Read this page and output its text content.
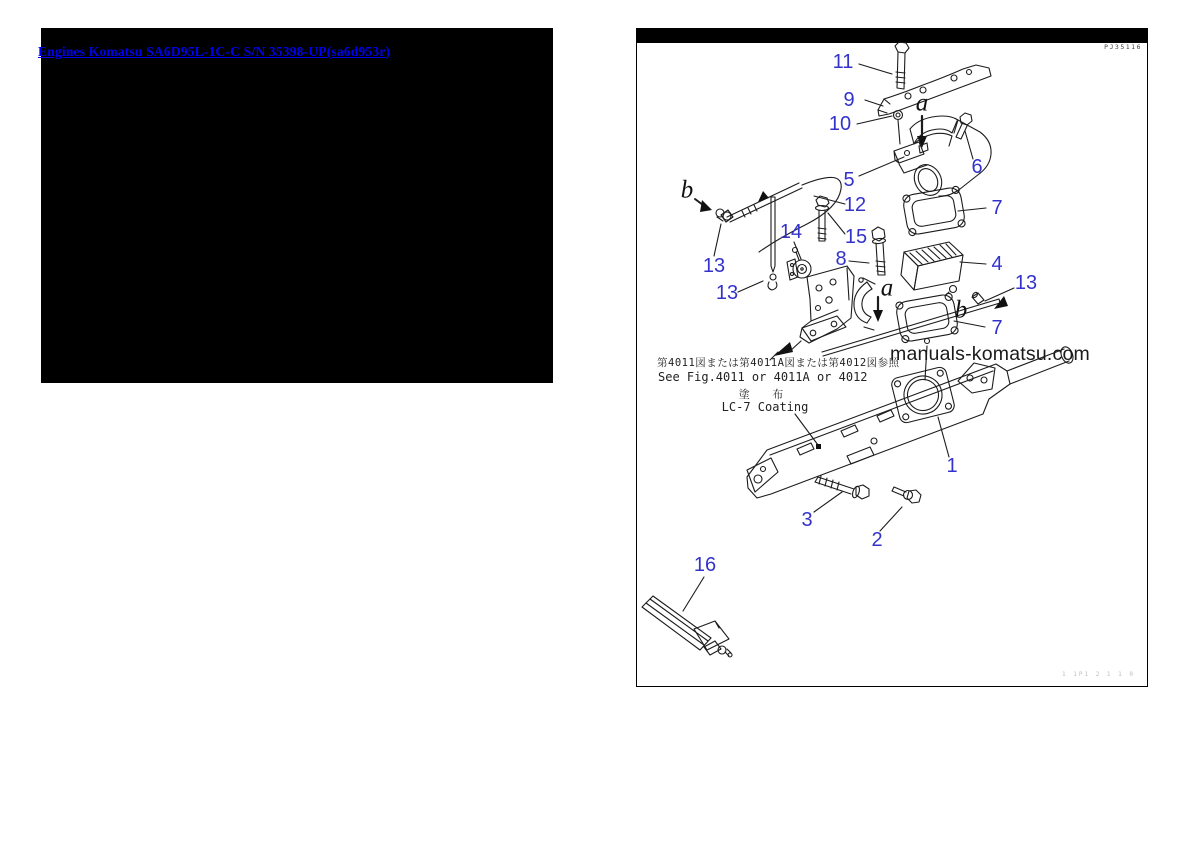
Engines Komatsu SA6D95L-1C-C S/N 35398-UP(sa6d953r)	PJ35116
第4011図または第4011A図または第4012図参照
See Fig.4011 or 4011A or 4012
塗 布
LC-7 Coating
manuals-komatsu.com
11
9
10
5
6
12	7
13
14 15
8	4
13	13
7
1
3
2
16
b
a
a
b
1 1P1 2 1 1 0
